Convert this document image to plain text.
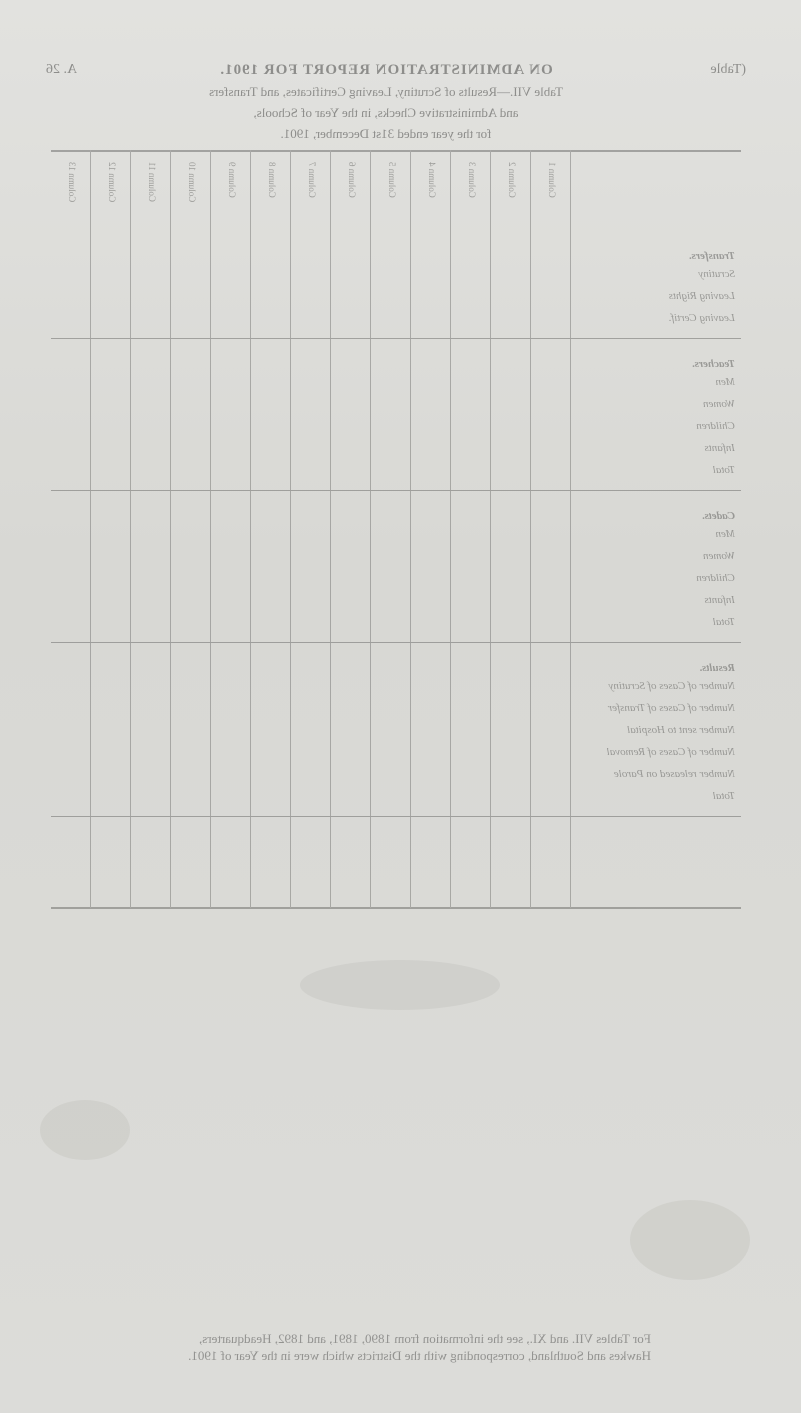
(Table
ON ADMINISTRATION REPORT FOR 1901.
Table VII.—Results of Scrutiny, Leaving Certificates, and Transfers
and Administrative Checks, in the Year of Schools,
for the year ended 31st December, 1901.
A. 26
Column 1
Column 2
Column 3
Column 4
Column 5
Column 6
Column 7
Column 8
Column 9
Column 10
Column 11
Column 12
Column 13
Transfers.
Scrutiny
Leaving Rights
Leaving Certif.
Teachers.
Men
Women
Children
Infants
Total
Cadets.
Men
Women
Children
Infants
Total
Results.
Number of Cases of Scrutiny
Number of Cases of Transfer
Number sent to Hospital
Number of Cases of Removal
Number released on Parole
Total
For Tables VII. and XI., see the information from 1890, 1891, and 1892, Headquarters,
Hawkes and Southland, corresponding with the Districts which were in the Year of 1901.
